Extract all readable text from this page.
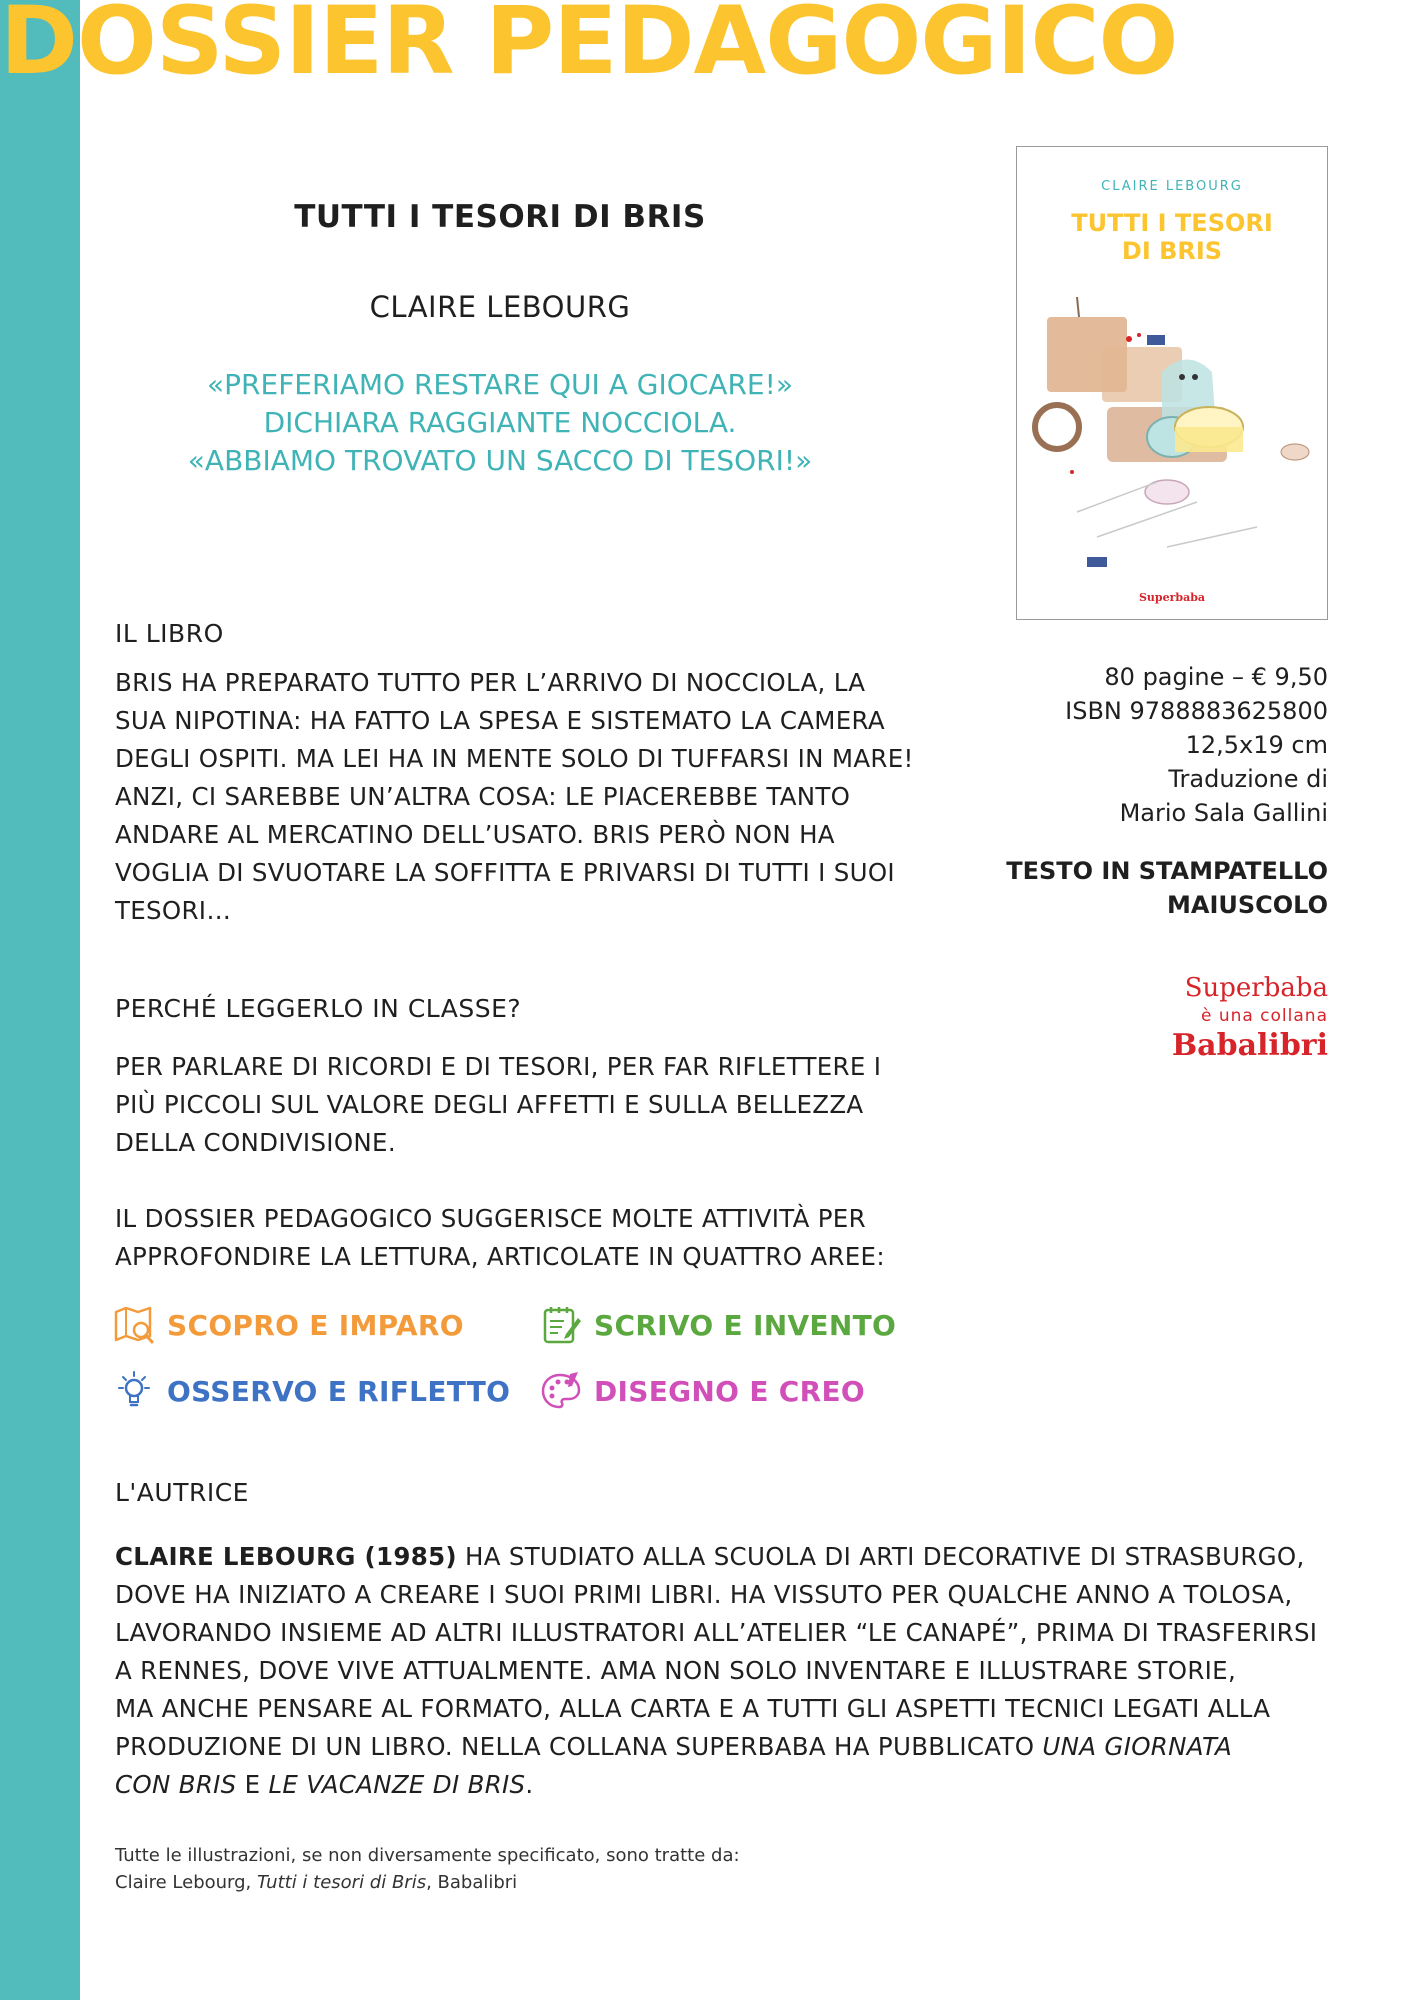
DOSSIER PEDAGOGICO
TUTTI I TESORI DI BRIS
CLAIRE LEBOURG

«PREFERIAMO RESTARE QUI A GIOCARE!»
DICHIARA RAGGIANTE NOCCIOLA.
«ABBIAMO TROVATO UN SACCO DI TESORI!»

CLAIRE LEBOURG
TUTTI I TESORI
DI BRIS
Superbaba
80 pagine – € 9,50
ISBN 9788883625800
12,5x19 cm
Traduzione di
Mario Sala Gallini
TESTO IN STAMPATELLO
MAIUSCOLO
Superbaba
è una collana
Babalibri
IL LIBRO

BRIS HA PREPARATO TUTTO PER L’ARRIVO DI NOCCIOLA, LA
SUA NIPOTINA: HA FATTO LA SPESA E SISTEMATO LA CAMERA
DEGLI OSPITI. MA LEI HA IN MENTE SOLO DI TUFFARSI IN MARE!
ANZI, CI SAREBBE UN’ALTRA COSA: LE PIACEREBBE TANTO
ANDARE AL MERCATINO DELL’USATO. BRIS PERÒ NON HA
VOGLIA DI SVUOTARE LA SOFFITTA E PRIVARSI DI TUTTI I SUOI
TESORI…

PERCHÉ LEGGERLO IN CLASSE?

PER PARLARE DI RICORDI E DI TESORI, PER FAR RIFLETTERE I
PIÙ PICCOLI SUL VALORE DEGLI AFFETTI E SULLA BELLEZZA
DELLA CONDIVISIONE.

IL DOSSIER PEDAGOGICO SUGGERISCE MOLTE ATTIVITÀ PER
APPROFONDIRE LA LETTURA, ARTICOLATE IN QUATTRO AREE:

SCOPRO E IMPARO	SCRIVO E INVENTO
OSSERVO E RIFLETTO	DISEGNO E CREO
L'AUTRICE

CLAIRE LEBOURG (1985) HA STUDIATO ALLA SCUOLA DI ARTI DECORATIVE DI STRASBURGO,
DOVE HA INIZIATO A CREARE I SUOI PRIMI LIBRI. HA VISSUTO PER QUALCHE ANNO A TOLOSA,
LAVORANDO INSIEME AD ALTRI ILLUSTRATORI ALL’ATELIER “LE CANAPÉ”, PRIMA DI TRASFERIRSI
A RENNES, DOVE VIVE ATTUALMENTE. AMA NON SOLO INVENTARE E ILLUSTRARE STORIE,
MA ANCHE PENSARE AL FORMATO, ALLA CARTA E A TUTTI GLI ASPETTI TECNICI LEGATI ALLA
PRODUZIONE DI UN LIBRO. NELLA COLLANA SUPERBABA HA PUBBLICATO UNA GIORNATA
CON BRIS E LE VACANZE DI BRIS.

Tutte le illustrazioni, se non diversamente specificato, sono tratte da:
Claire Lebourg, Tutti i tesori di Bris, Babalibri
